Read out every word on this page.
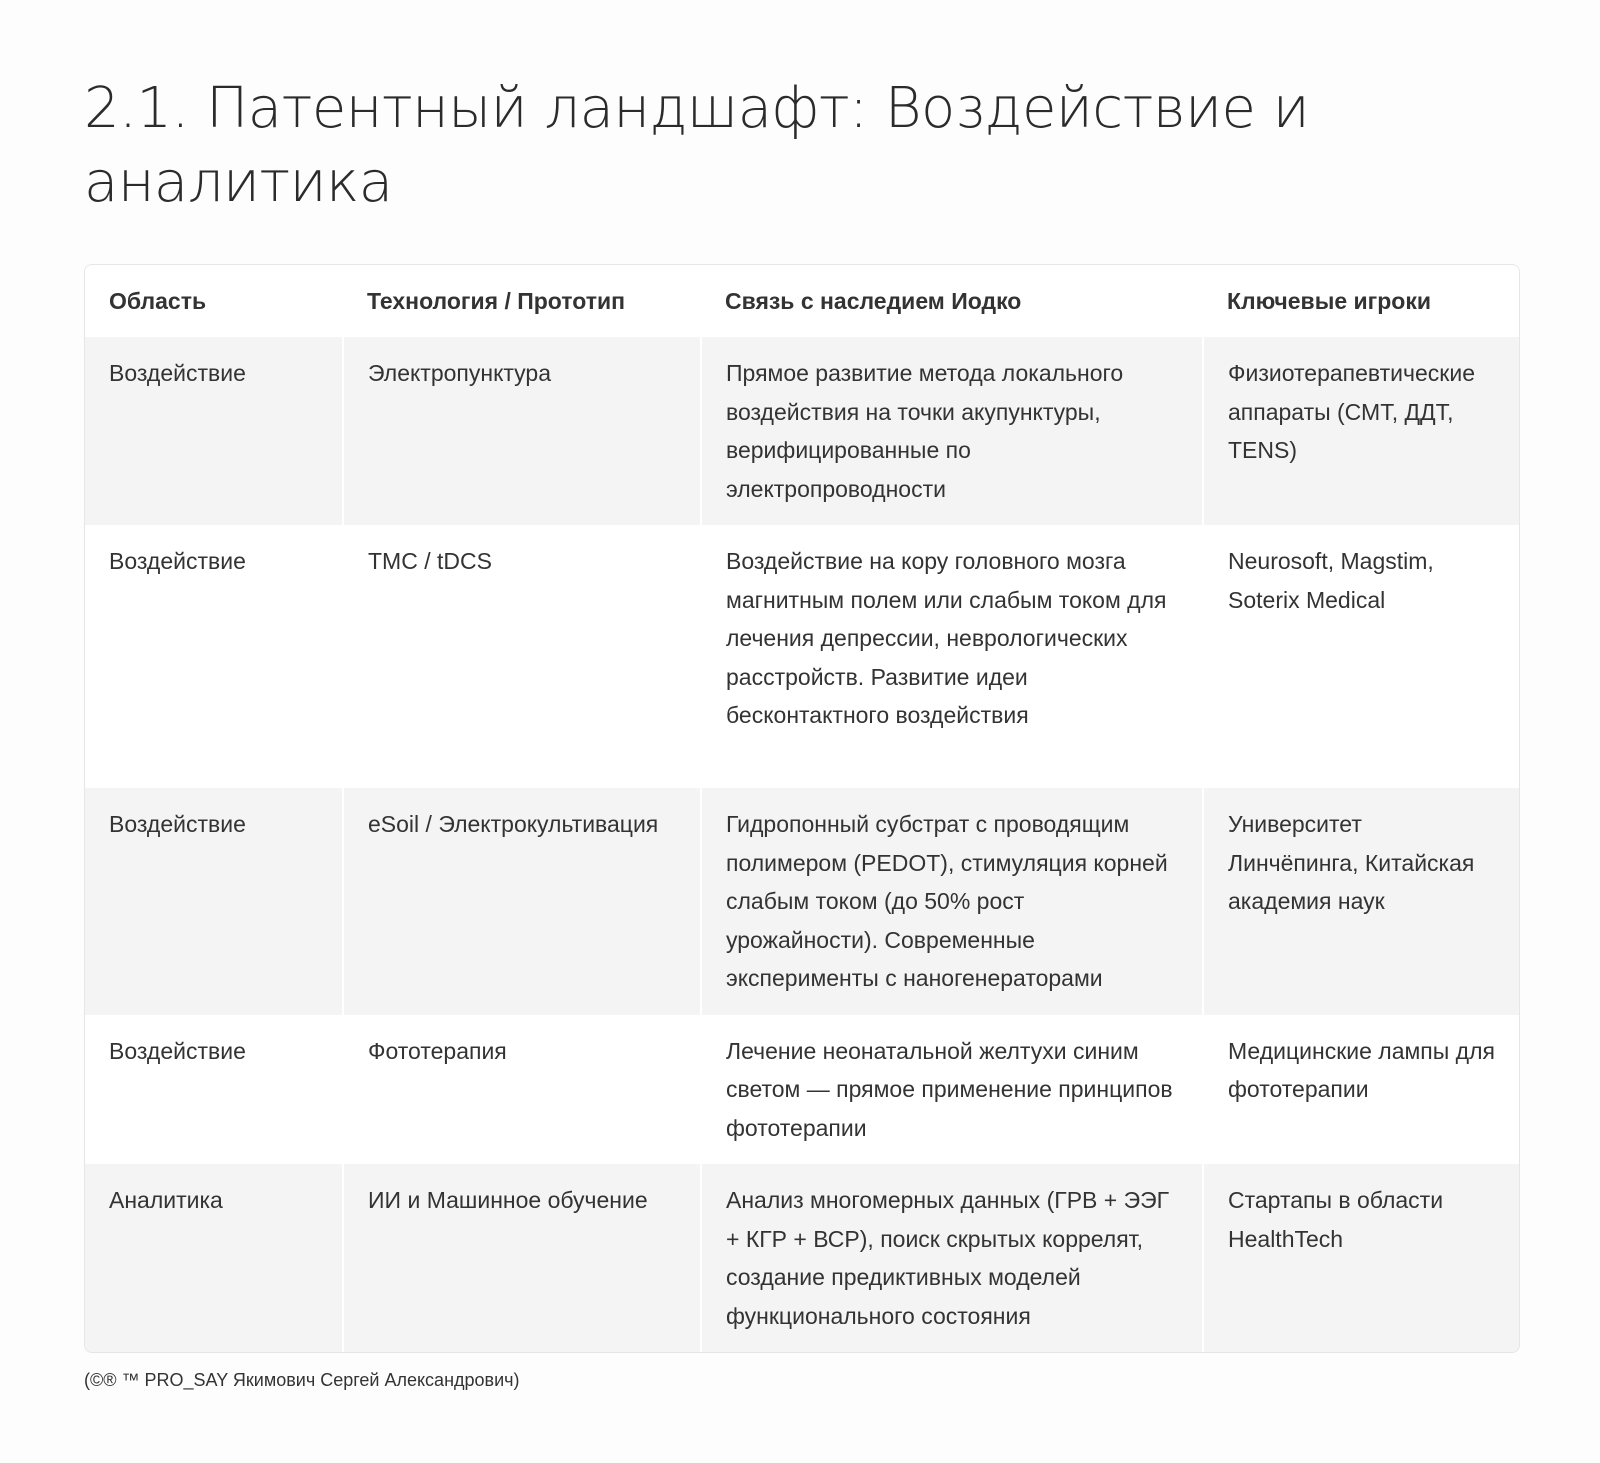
2.1. Патентный ландшафт: Воздействие и аналитика
Область	Технология / Прототип	Связь с наследием Иодко	Ключевые игроки
Воздействие	Электропунктура	Прямое развитие метода локального воздействия на точки акупунктуры, верифицированные по электропроводности	Физиотерапевтические аппараты (СМТ, ДДТ, TENS)
Воздействие	ТМС / tDCS	Воздействие на кору головного мозга магнитным полем или слабым током для лечения депрессии, неврологических расстройств. Развитие идеи бесконтактного воздействия	Neurosoft, Magstim, Soterix Medical
Воздействие	eSoil / Электрокультивация	Гидропонный субстрат с проводящим полимером (PEDOT), стимуляция корней слабым током (до 50% рост урожайности). Современные эксперименты с наногенераторами	Университет Линчёпинга, Китайская академия наук
Воздействие	Фототерапия	Лечение неонатальной желтухи синим светом — прямое применение принципов фототерапии	Медицинские лампы для фототерапии
Аналитика	ИИ и Машинное обучение	Анализ многомерных данных (ГРВ + ЭЭГ + КГР + ВСР), поиск скрытых коррелят, создание предиктивных моделей функционального состояния	Стартапы в области HealthTech
(©® ™ PRO_SAY Якимович Сергей Александрович)
